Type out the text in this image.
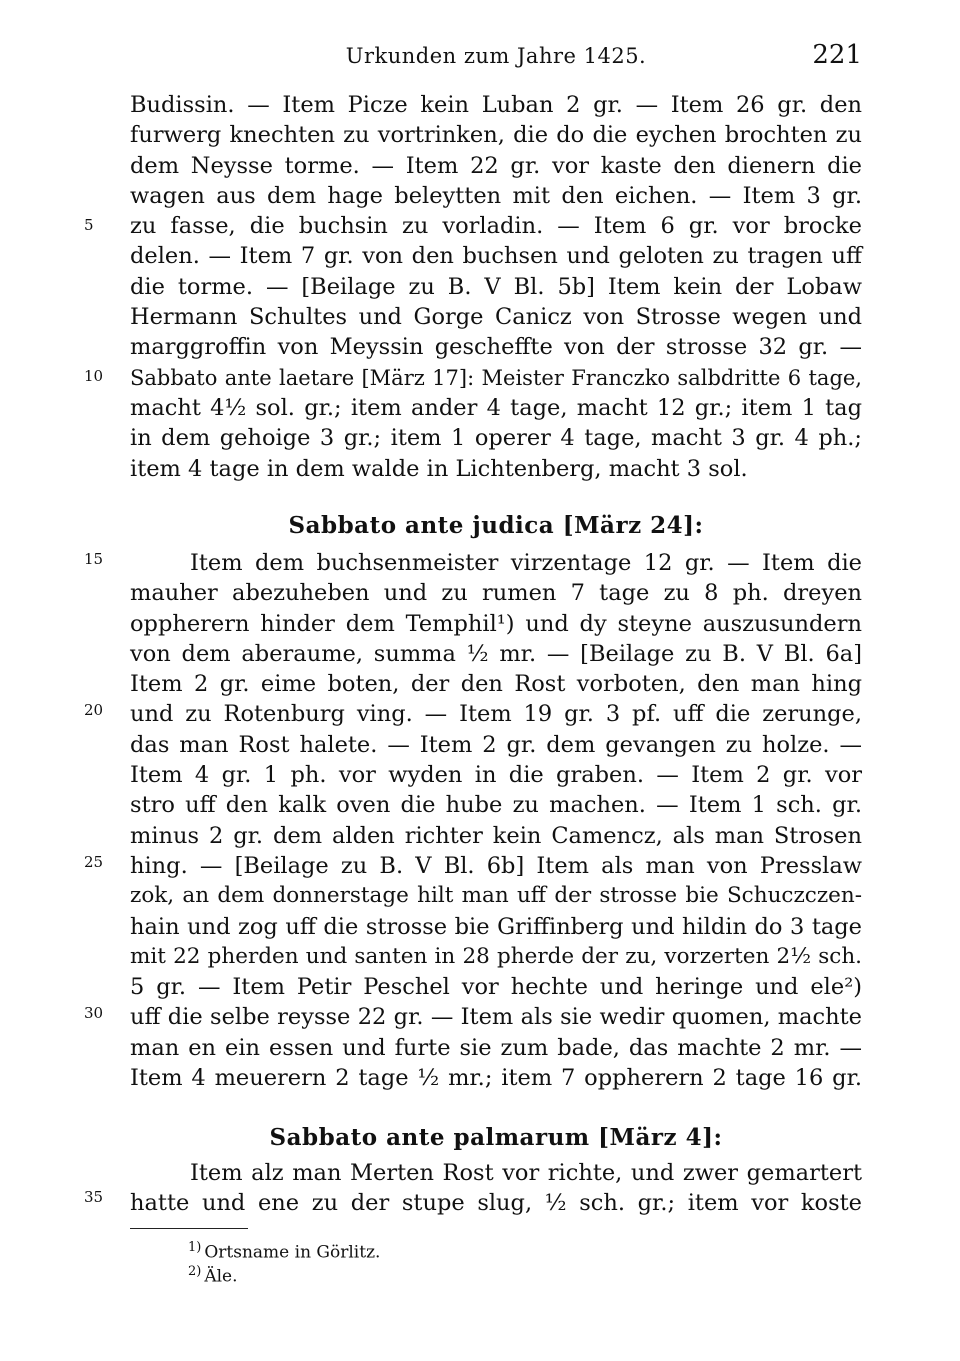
Urkunden zum Jahre 1425.	221
Budissin. — Item Picze kein Luban 2 gr. — Item 26 gr. den
furwerg knechten zu vortrinken, die do die eychen brochten zu
dem Neysse torme. — Item 22 gr. vor kaste den dienern die
wagen aus dem hage beleytten mit den eichen. — Item 3 gr.
zu fasse, die buchsin zu vorladin. — Item 6 gr. vor brocke
delen. — Item 7 gr. von den buchsen und geloten zu tragen uff
die torme. — [Beilage zu B. V Bl. 5b] Item kein der Lobaw
Hermann Schultes und Gorge Canicz von Strosse wegen und
marggroffin von Meyssin gescheffte von der strosse 32 gr. —
Sabbato ante laetare [März 17]: Meister Franczko salbdritte 6 tage,
macht 4½ sol. gr.; item ander 4 tage, macht 12 gr.; item 1 tag
in dem gehoige 3 gr.; item 1 operer 4 tage, macht 3 gr. 4 ph.;
item 4 tage in dem walde in Lichtenberg, macht 3 sol.
Sabbato ante judica [März 24]:
Item dem buchsenmeister virzentage 12 gr. — Item die
mauher abezuheben und zu rumen 7 tage zu 8 ph. dreyen
oppherern hinder dem Temphil¹) und dy steyne auszusundern
von dem aberaume, summa ½ mr. — [Beilage zu B. V Bl. 6a]
Item 2 gr. eime boten, der den Rost vorboten, den man hing
und zu Rotenburg ving. — Item 19 gr. 3 pf. uff die zerunge,
das man Rost halete. — Item 2 gr. dem gevangen zu holze. —
Item 4 gr. 1 ph. vor wyden in die graben. — Item 2 gr. vor
stro uff den kalk oven die hube zu machen. — Item 1 sch. gr.
minus 2 gr. dem alden richter kein Camencz, als man Strosen
hing. — [Beilage zu B. V Bl. 6b] Item als man von Presslaw
zok, an dem donnerstage hilt man uff der strosse bie Schuczczen-
hain und zog uff die strosse bie Griffinberg und hildin do 3 tage
mit 22 pherden und santen in 28 pherde der zu, vorzerten 2½ sch.
5 gr. — Item Petir Peschel vor hechte und heringe und ele²)
uff die selbe reysse 22 gr. — Item als sie wedir quomen, machte
man en ein essen und furte sie zum bade, das machte 2 mr. —
Item 4 meuerern 2 tage ½ mr.; item 7 oppherern 2 tage 16 gr.
Sabbato ante palmarum [März 4]:
Item alz man Merten Rost vor richte, und zwer gemartert
hatte und ene zu der stupe slug, ½ sch. gr.; item vor koste
5
10
15
20
25
30
35
$^{1)}$ Ortsname in Görlitz.
$^{2)}$ Äle.
